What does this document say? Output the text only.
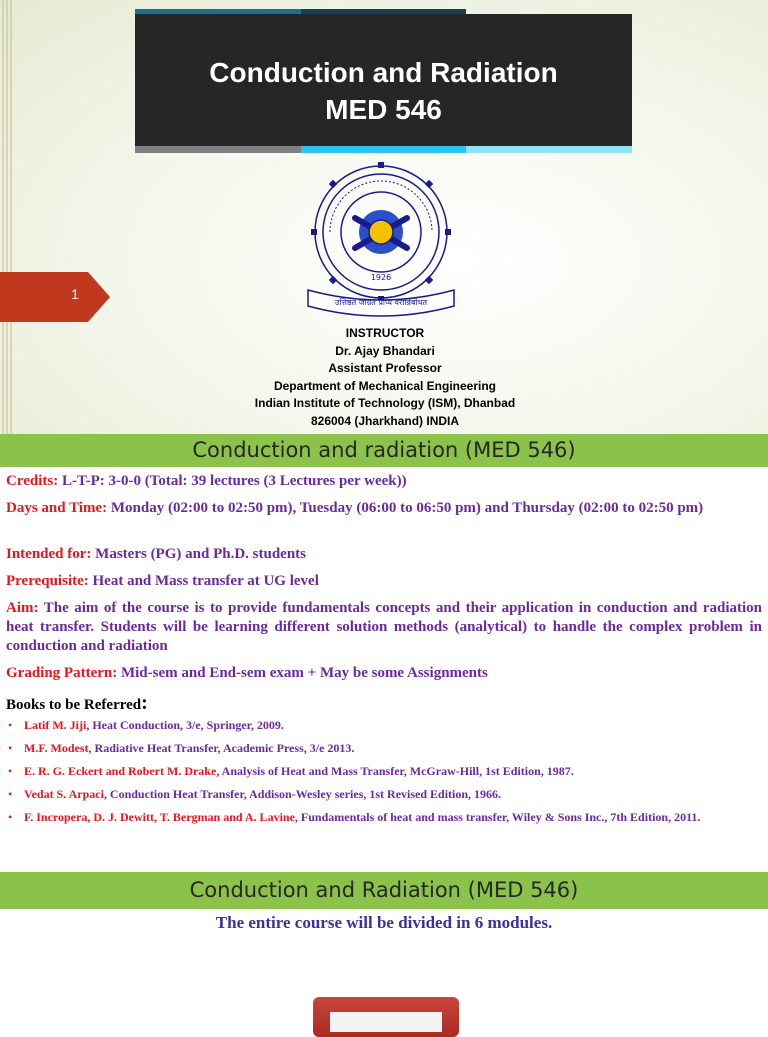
Conduction and Radiation
MED 546
1
1926
उत्तिष्ठत जाग्रत प्राप्य वरान्निबोधत
INSTRUCTOR
Dr. Ajay Bhandari
Assistant Professor
Department of Mechanical Engineering
Indian Institute of Technology (ISM), Dhanbad
826004 (Jharkhand) INDIA
Conduction and radiation (MED 546)
Credits: L-T-P: 3-0-0 (Total: 39 lectures (3 Lectures per week))
Days and Time: Monday (02:00 to 02:50 pm), Tuesday (06:00 to 06:50 pm) and Thursday (02:00 to 02:50 pm)
Intended for: Masters (PG) and Ph.D. students
Prerequisite: Heat and Mass transfer at UG level
Aim: The aim of the course is to provide fundamentals concepts and their application in conduction and radiation heat transfer. Students will be learning different solution methods (analytical) to handle the complex problem in conduction and radiation
Grading Pattern: Mid-sem and End-sem exam + May be some Assignments
Books to be Referred:
• Latif M. Jiji, Heat Conduction, 3/e, Springer, 2009.
• M.F. Modest, Radiative Heat Transfer, Academic Press, 3/e 2013.
• E. R. G. Eckert and Robert M. Drake, Analysis of Heat and Mass Transfer, McGraw-Hill, 1st Edition, 1987.
• Vedat S. Arpaci, Conduction Heat Transfer, Addison-Wesley series, 1st Revised Edition, 1966.
• F. Incropera, D. J. Dewitt, T. Bergman and A. Lavine, Fundamentals of heat and mass transfer, Wiley & Sons Inc., 7th Edition, 2011.
Conduction and Radiation (MED 546)
The entire course will be divided in 6 modules.
